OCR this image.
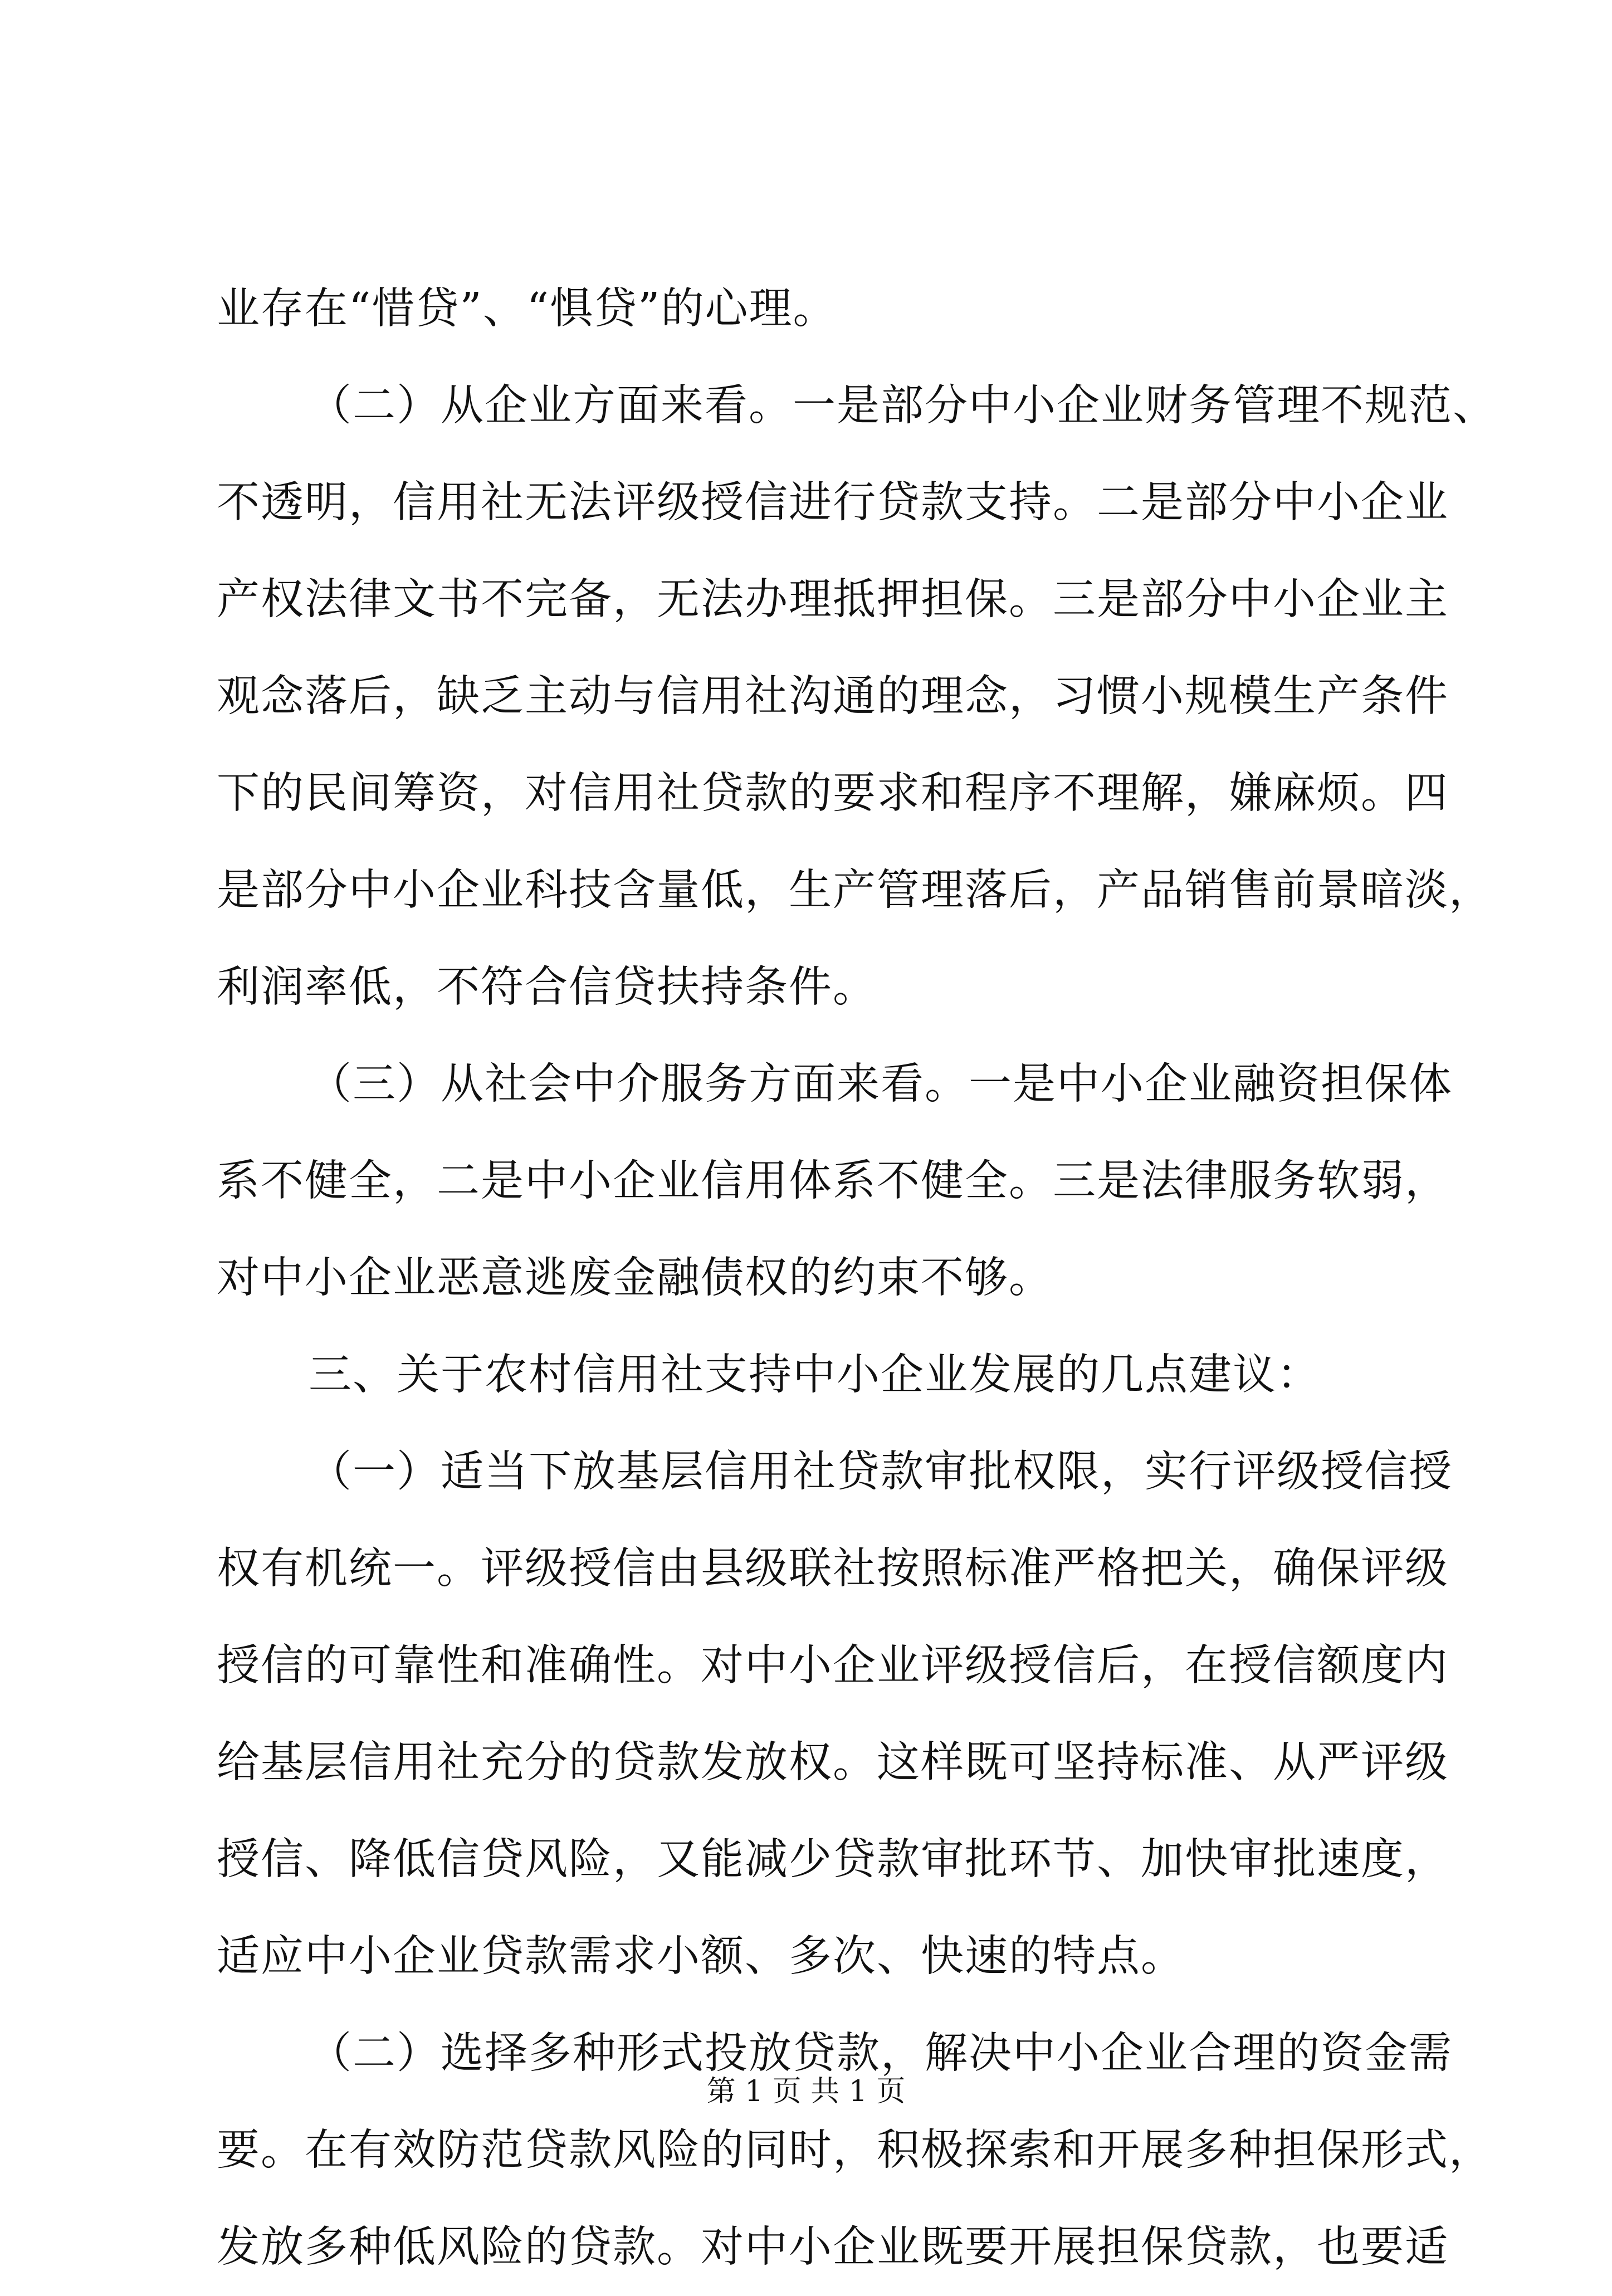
业存在“惜贷”、“惧贷”的心理。
（二）从企业方面来看。一是部分中小企业财务管理不规范、
不透明，信用社无法评级授信进行贷款支持。二是部分中小企业
产权法律文书不完备，无法办理抵押担保。三是部分中小企业主
观念落后，缺乏主动与信用社沟通的理念，习惯小规模生产条件
下的民间筹资，对信用社贷款的要求和程序不理解，嫌麻烦。四
是部分中小企业科技含量低，生产管理落后，产品销售前景暗淡，
利润率低，不符合信贷扶持条件。
（三）从社会中介服务方面来看。一是中小企业融资担保体
系不健全，二是中小企业信用体系不健全。三是法律服务软弱，
对中小企业恶意逃废金融债权的约束不够。
三、关于农村信用社支持中小企业发展的几点建议：
（一）适当下放基层信用社贷款审批权限，实行评级授信授
权有机统一。评级授信由县级联社按照标准严格把关，确保评级
授信的可靠性和准确性。对中小企业评级授信后，在授信额度内
给基层信用社充分的贷款发放权。这样既可坚持标准、从严评级
授信、降低信贷风险，又能减少贷款审批环节、加快审批速度，
适应中小企业贷款需求小额、多次、快速的特点。
（二）选择多种形式投放贷款，解决中小企业合理的资金需
要。在有效防范贷款风险的同时，积极探索和开展多种担保形式，
发放多种低风险的贷款。对中小企业既要开展担保贷款，也要适
第 1 页 共 1 页
